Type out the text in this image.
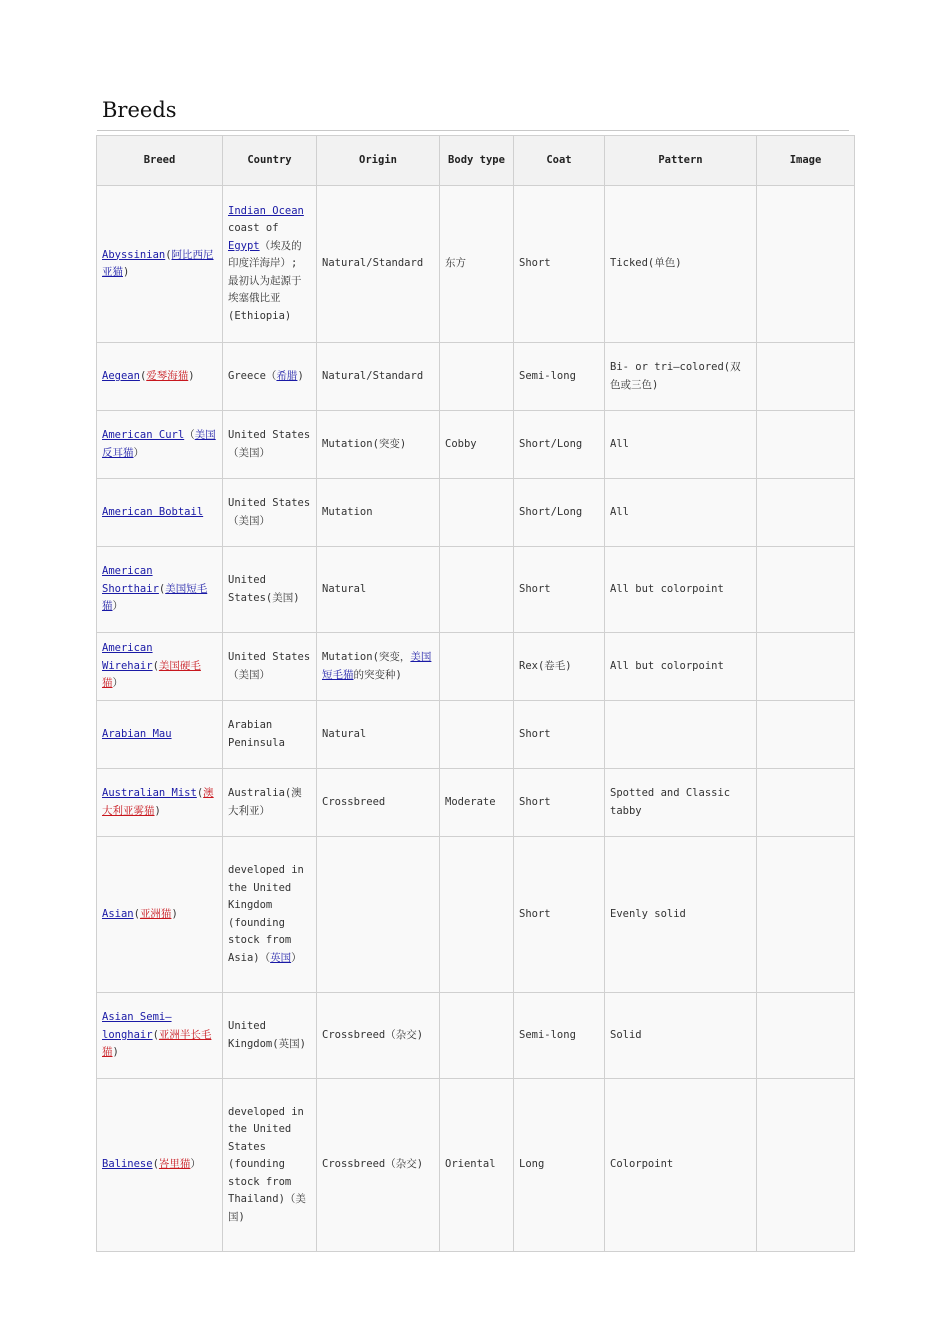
Breeds
Breed	Country	Origin	Body type	Coat	Pattern	Image
Abyssinian(阿比西尼亚猫)	Indian Ocean coast of Egypt（埃及的印度洋海岸）; 最初认为起源于埃塞俄比亚(Ethiopia)	Natural/Standard	东方	Short	Ticked(单色)	
Aegean(爱琴海猫)	Greece（希腊)	Natural/Standard		Semi-long	Bi- or tri—colored(双色或三色)	
American Curl（美国反耳猫）	United States（美国）	Mutation(突变)	Cobby	Short/Long	All	
American Bobtail	United States（美国）	Mutation		Short/Long	All	
American Shorthair(美国短毛猫）	United States(美国)	Natural		Short	All but colorpoint	
American Wirehair(美国硬毛猫）	United States（美国）	Mutation(突变，美国短毛猫的突变种)		Rex(卷毛)	All but colorpoint	
Arabian Mau	Arabian Peninsula	Natural		Short		
Australian Mist(澳大利亚雾猫)	Australia(澳大利亚）	Crossbreed	Moderate	Short	Spotted and Classic tabby	
Asian(亚洲猫)	developed in the United Kingdom (founding stock from Asia)（英国）			Short	Evenly solid	
Asian Semi—longhair(亚洲半长毛猫)	United Kingdom(英国)	Crossbreed（杂交)		Semi-long	Solid	
Balinese(峇里猫）	developed in the United States (founding stock from Thailand)（美国)	Crossbreed（杂交)	Oriental	Long	Colorpoint	
